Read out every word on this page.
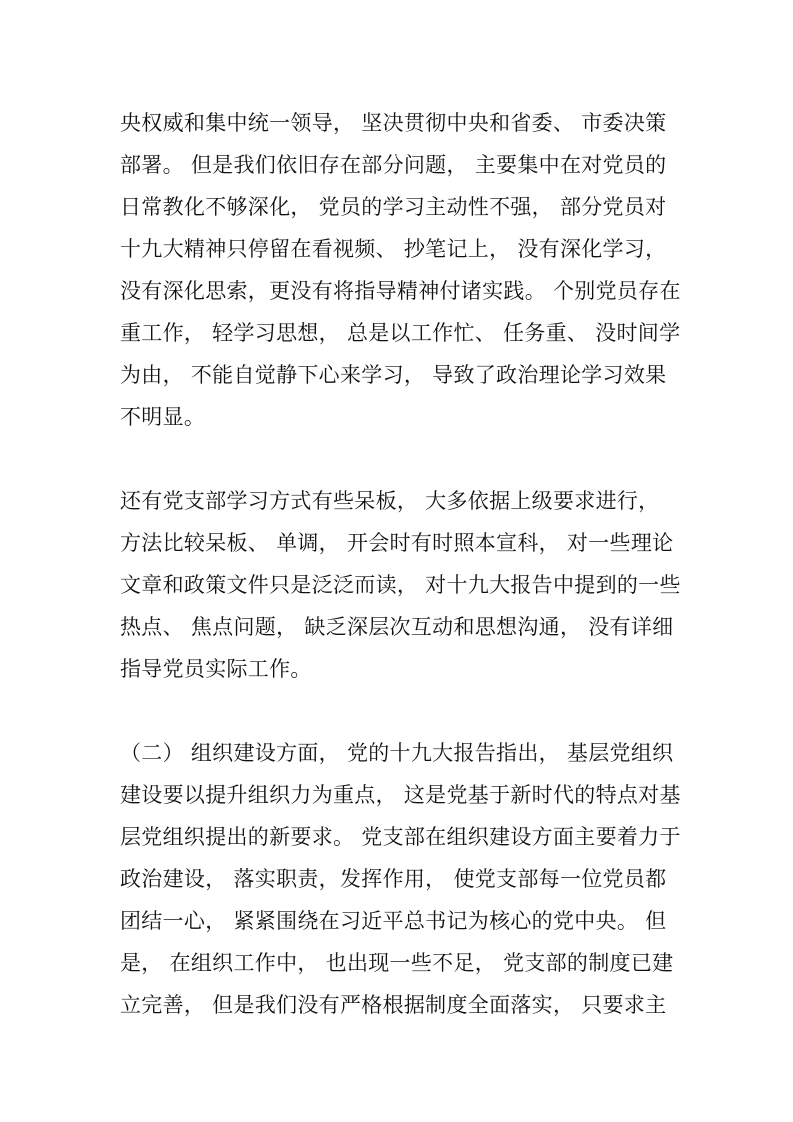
央权威和集中统一领导， 坚决贯彻中央和省委、 市委决策
部署。 但是我们依旧存在部分问题， 主要集中在对党员的
日常教化不够深化， 党员的学习主动性不强， 部分党员对
十九大精神只停留在看视频、 抄笔记上， 没有深化学习，
没有深化思索，更没有将指导精神付诸实践。 个别党员存在
重工作， 轻学习思想， 总是以工作忙、 任务重、 没时间学
为由， 不能自觉静下心来学习， 导致了政治理论学习效果
不明显。
还有党支部学习方式有些呆板， 大多依据上级要求进行，
方法比较呆板、 单调， 开会时有时照本宣科， 对一些理论
文章和政策文件只是泛泛而读， 对十九大报告中提到的一些
热点、 焦点问题， 缺乏深层次互动和思想沟通， 没有详细
指导党员实际工作。
（二） 组织建设方面， 党的十九大报告指出， 基层党组织
建设要以提升组织力为重点， 这是党基于新时代的特点对基
层党组织提出的新要求。 党支部在组织建设方面主要着力于
政治建设， 落实职责，发挥作用， 使党支部每一位党员都
团结一心， 紧紧围绕在习近平总书记为核心的党中央。 但
是， 在组织工作中， 也出现一些不足， 党支部的制度已建
立完善， 但是我们没有严格根据制度全面落实， 只要求主
